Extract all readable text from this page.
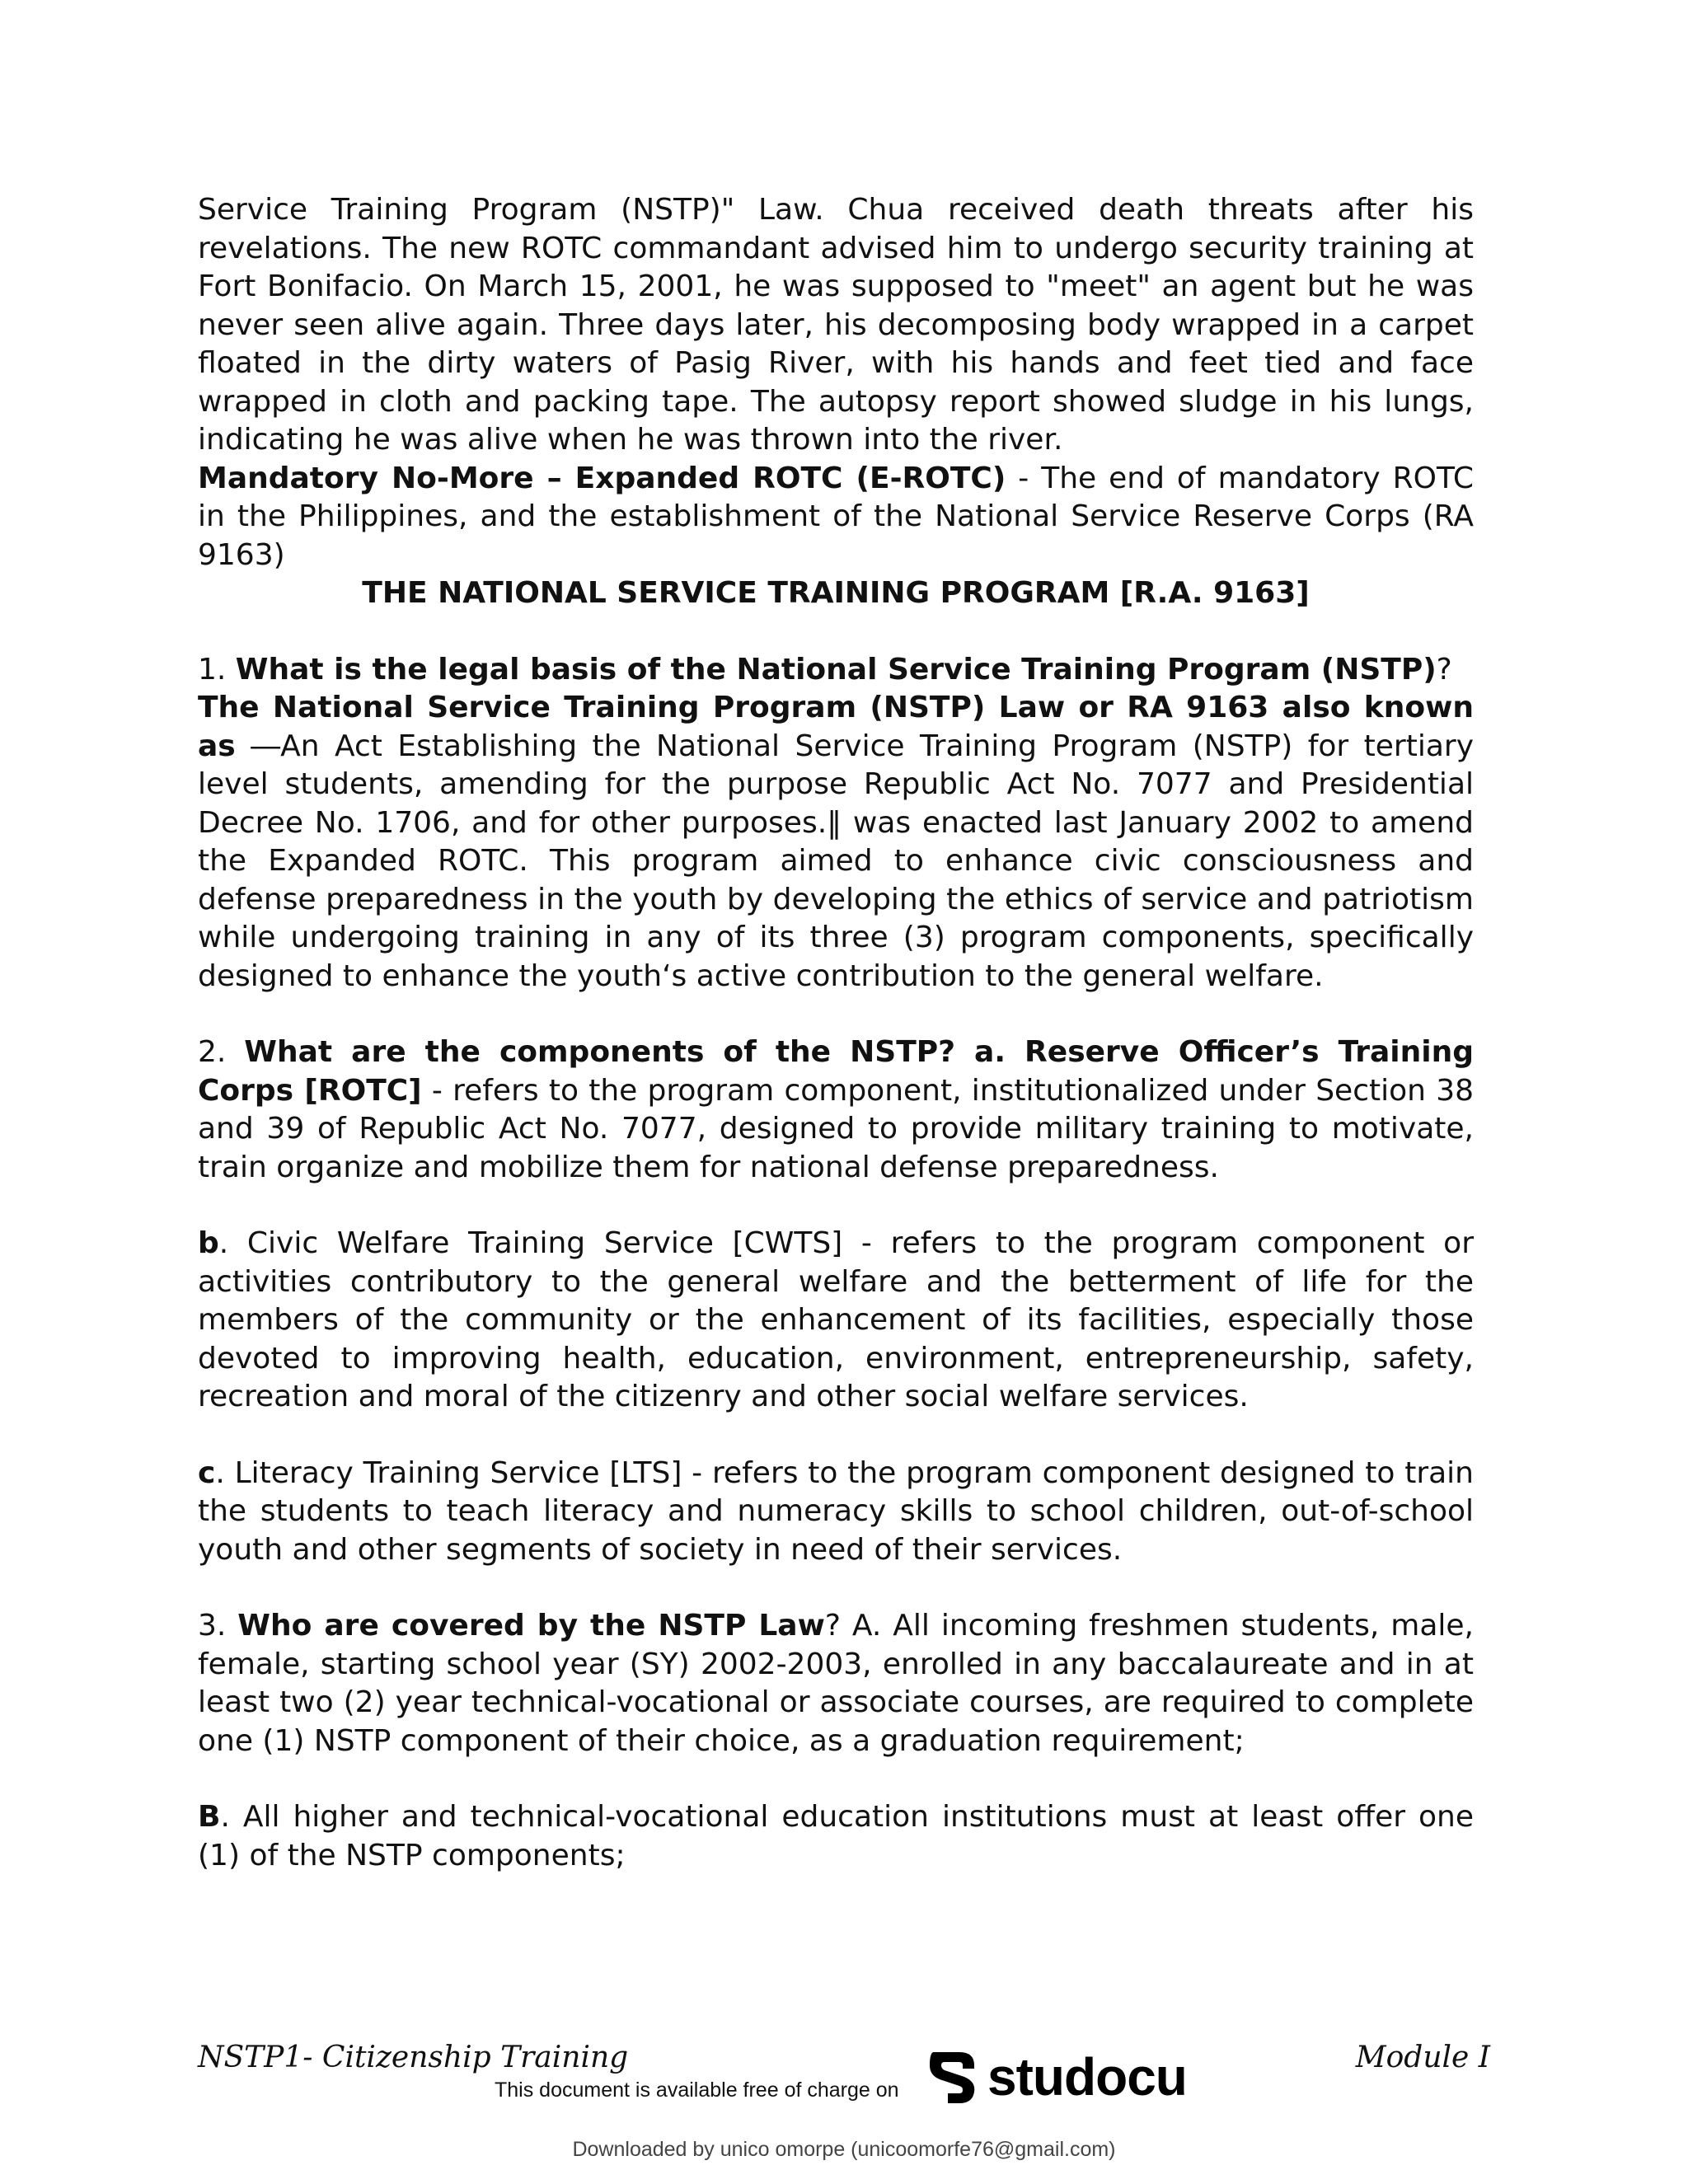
Service Training Program (NSTP)" Law. Chua received death threats after his revelations. The new ROTC commandant advised him to undergo security training at Fort Bonifacio. On March 15, 2001, he was supposed to "meet" an agent but he was never seen alive again. Three days later, his decomposing body wrapped in a carpet floated in the dirty waters of Pasig River, with his hands and feet tied and face wrapped in cloth and packing tape. The autopsy report showed sludge in his lungs, indicating he was alive when he was thrown into the river.

Mandatory No-More – Expanded ROTC (E-ROTC) - The end of mandatory ROTC in the Philippines, and the establishment of the National Service Reserve Corps (RA 9163)

THE NATIONAL SERVICE TRAINING PROGRAM [R.A. 9163]

1. What is the legal basis of the National Service Training Program (NSTP)?

The National Service Training Program (NSTP) Law or RA 9163 also known as ―An Act Establishing the National Service Training Program (NSTP) for tertiary level students, amending for the purpose Republic Act No. 7077 and Presidential Decree No. 1706, and for other purposes.‖ was enacted last January 2002 to amend the Expanded ROTC. This program aimed to enhance civic consciousness and defense preparedness in the youth by developing the ethics of service and patriotism while undergoing training in any of its three (3) program components, specifically designed to enhance the youth‘s active contribution to the general welfare.

2. What are the components of the NSTP? a. Reserve Officer’s Training Corps [ROTC] - refers to the program component, institutionalized under Section 38 and 39 of Republic Act No. 7077, designed to provide military training to motivate, train organize and mobilize them for national defense preparedness.

b. Civic Welfare Training Service [CWTS] - refers to the program component or activities contributory to the general welfare and the betterment of life for the members of the community or the enhancement of its facilities, especially those devoted to improving health, education, environment, entrepreneurship, safety, recreation and moral of the citizenry and other social welfare services.

c. Literacy Training Service [LTS] - refers to the program component designed to train the students to teach literacy and numeracy skills to school children, out-of-school youth and other segments of society in need of their services.

3. Who are covered by the NSTP Law? A. All incoming freshmen students, male, female, starting school year (SY) 2002-2003, enrolled in any baccalaureate and in at least two (2) year technical-vocational or associate courses, are required to complete one (1) NSTP component of their choice, as a graduation requirement;

B. All higher and technical-vocational education institutions must at least offer one (1) of the NSTP components;

NSTP1- Citizenship Training	Module I
This document is available free of charge on studocu
Downloaded by unico omorpe (unicoomorfe76@gmail.com)
